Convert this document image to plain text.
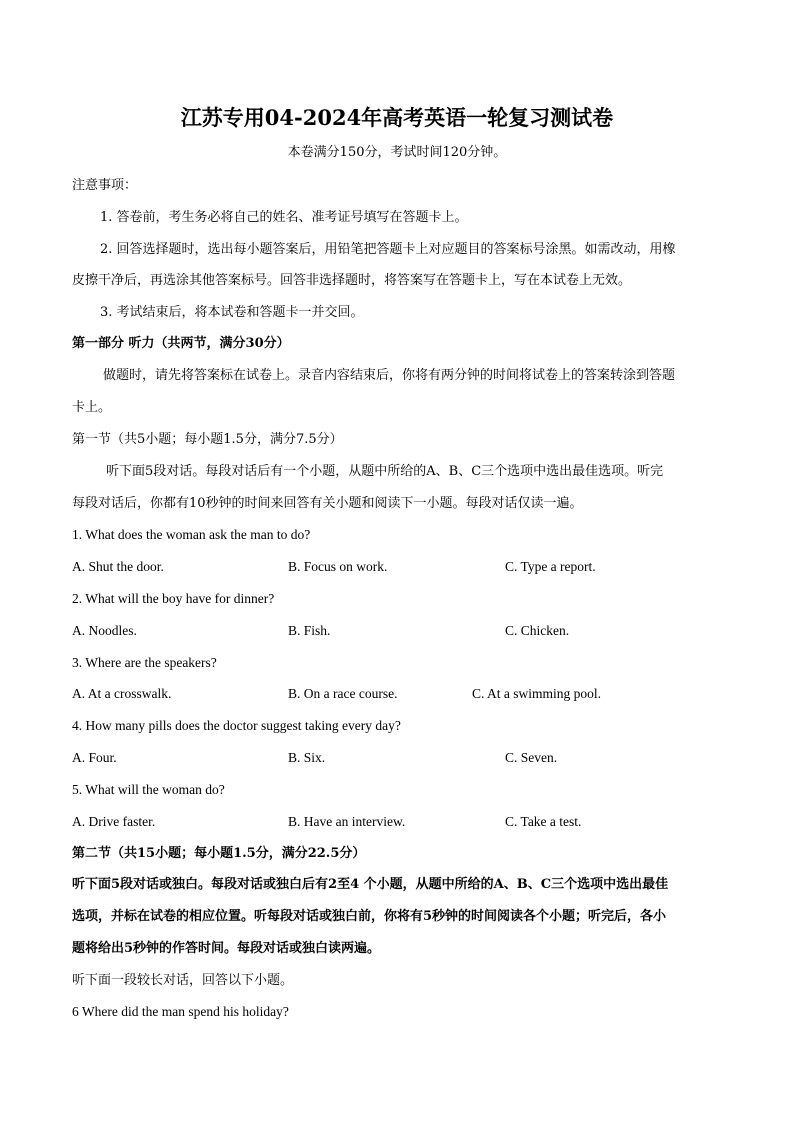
江苏专用04-2024年高考英语一轮复习测试卷
本卷满分150分，考试时间120分钟。
注意事项：
1. 答卷前，考生务必将自己的姓名、准考证号填写在答题卡上。
2. 回答选择题时，选出每小题答案后，用铅笔把答题卡上对应题目的答案标号涂黑。如需改动，用橡
皮擦干净后，再选涂其他答案标号。回答非选择题时，将答案写在答题卡上，写在本试卷上无效。
3. 考试结束后，将本试卷和答题卡一并交回。
第一部分 听力（共两节，满分30分）
做题时，请先将答案标在试卷上。录音内容结束后，你将有两分钟的时间将试卷上的答案转涂到答题
卡上。
第一节（共5小题；每小题1.5分，满分7.5分）
听下面5段对话。每段对话后有一个小题，从题中所给的A、B、C三个选项中选出最佳选项。听完
每段对话后，你都有10秒钟的时间来回答有关小题和阅读下一小题。每段对话仅读一遍。
1. What does the woman ask the man to do?
A. Shut the door.	B. Focus on work.	C. Type a report.
2. What will the boy have for dinner?
A. Noodles.	B. Fish.	C. Chicken.
3. Where are the speakers?
A. At a crosswalk.	B. On a race course.	C. At a swimming pool.
4. How many pills does the doctor suggest taking every day?
A. Four.	B. Six.	C. Seven.
5. What will the woman do?
A. Drive faster.	B. Have an interview.	C. Take a test.
第二节（共15小题；每小题1.5分，满分22.5分）
听下面5段对话或独白。每段对话或独白后有2至4 个小题，从题中所给的A、B、C三个选项中选出最佳
选项，并标在试卷的相应位置。听每段对话或独白前，你将有5秒钟的时间阅读各个小题；听完后，各小
题将给出5秒钟的作答时间。每段对话或独白读两遍。
听下面一段较长对话，回答以下小题。
6 Where did the man spend his holiday?
